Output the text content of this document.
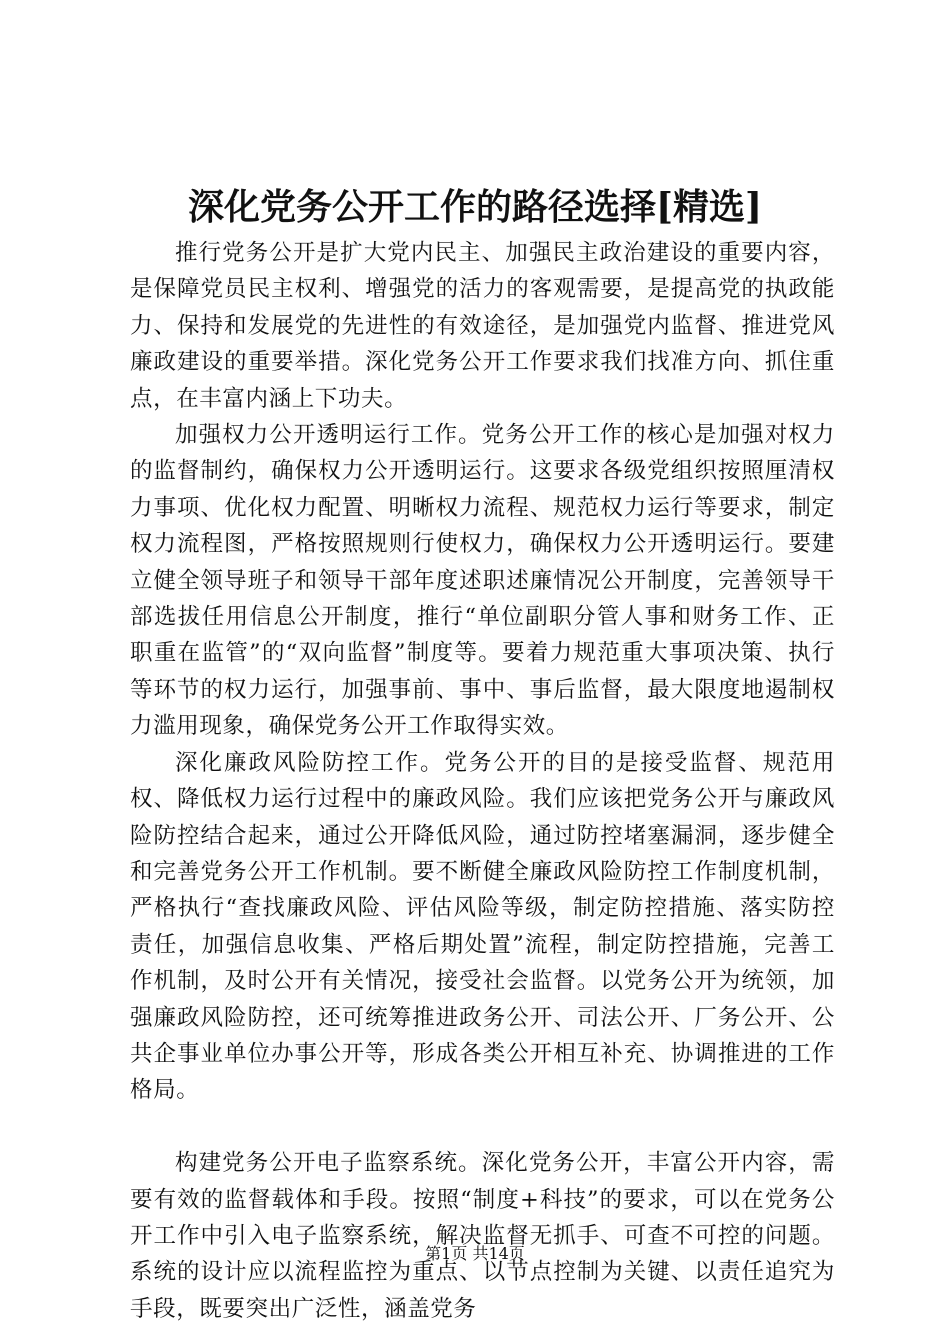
深化党务公开工作的路径选择[精选]

推行党务公开是扩大党内民主、加强民主政治建设的重要内容，是保障党员民主权利、增强党的活力的客观需要，是提高党的执政能力、保持和发展党的先进性的有效途径，是加强党内监督、推进党风廉政建设的重要举措。深化党务公开工作要求我们找准方向、抓住重点，在丰富内涵上下功夫。

加强权力公开透明运行工作。党务公开工作的核心是加强对权力的监督制约，确保权力公开透明运行。这要求各级党组织按照厘清权力事项、优化权力配置、明晰权力流程、规范权力运行等要求，制定权力流程图，严格按照规则行使权力，确保权力公开透明运行。要建立健全领导班子和领导干部年度述职述廉情况公开制度，完善领导干部选拔任用信息公开制度，推行“单位副职分管人事和财务工作、正职重在监管”的“双向监督”制度等。要着力规范重大事项决策、执行等环节的权力运行，加强事前、事中、事后监督，最大限度地遏制权力滥用现象，确保党务公开工作取得实效。

深化廉政风险防控工作。党务公开的目的是接受监督、规范用权、降低权力运行过程中的廉政风险。我们应该把党务公开与廉政风险防控结合起来，通过公开降低风险，通过防控堵塞漏洞，逐步健全和完善党务公开工作机制。要不断健全廉政风险防控工作制度机制，严格执行“查找廉政风险、评估风险等级，制定防控措施、落实防控责任，加强信息收集、严格后期处置”流程，制定防控措施，完善工作机制，及时公开有关情况，接受社会监督。以党务公开为统领，加强廉政风险防控，还可统筹推进政务公开、司法公开、厂务公开、公共企事业单位办事公开等，形成各类公开相互补充、协调推进的工作格局。

构建党务公开电子监察系统。深化党务公开，丰富公开内容，需要有效的监督载体和手段。按照“制度+科技”的要求，可以在党务公开工作中引入电子监察系统，解决监督无抓手、可查不可控的问题。系统的设计应以流程监控为重点、以节点控制为关键、以责任追究为手段，既要突出广泛性，涵盖党务

第1页 共14页
